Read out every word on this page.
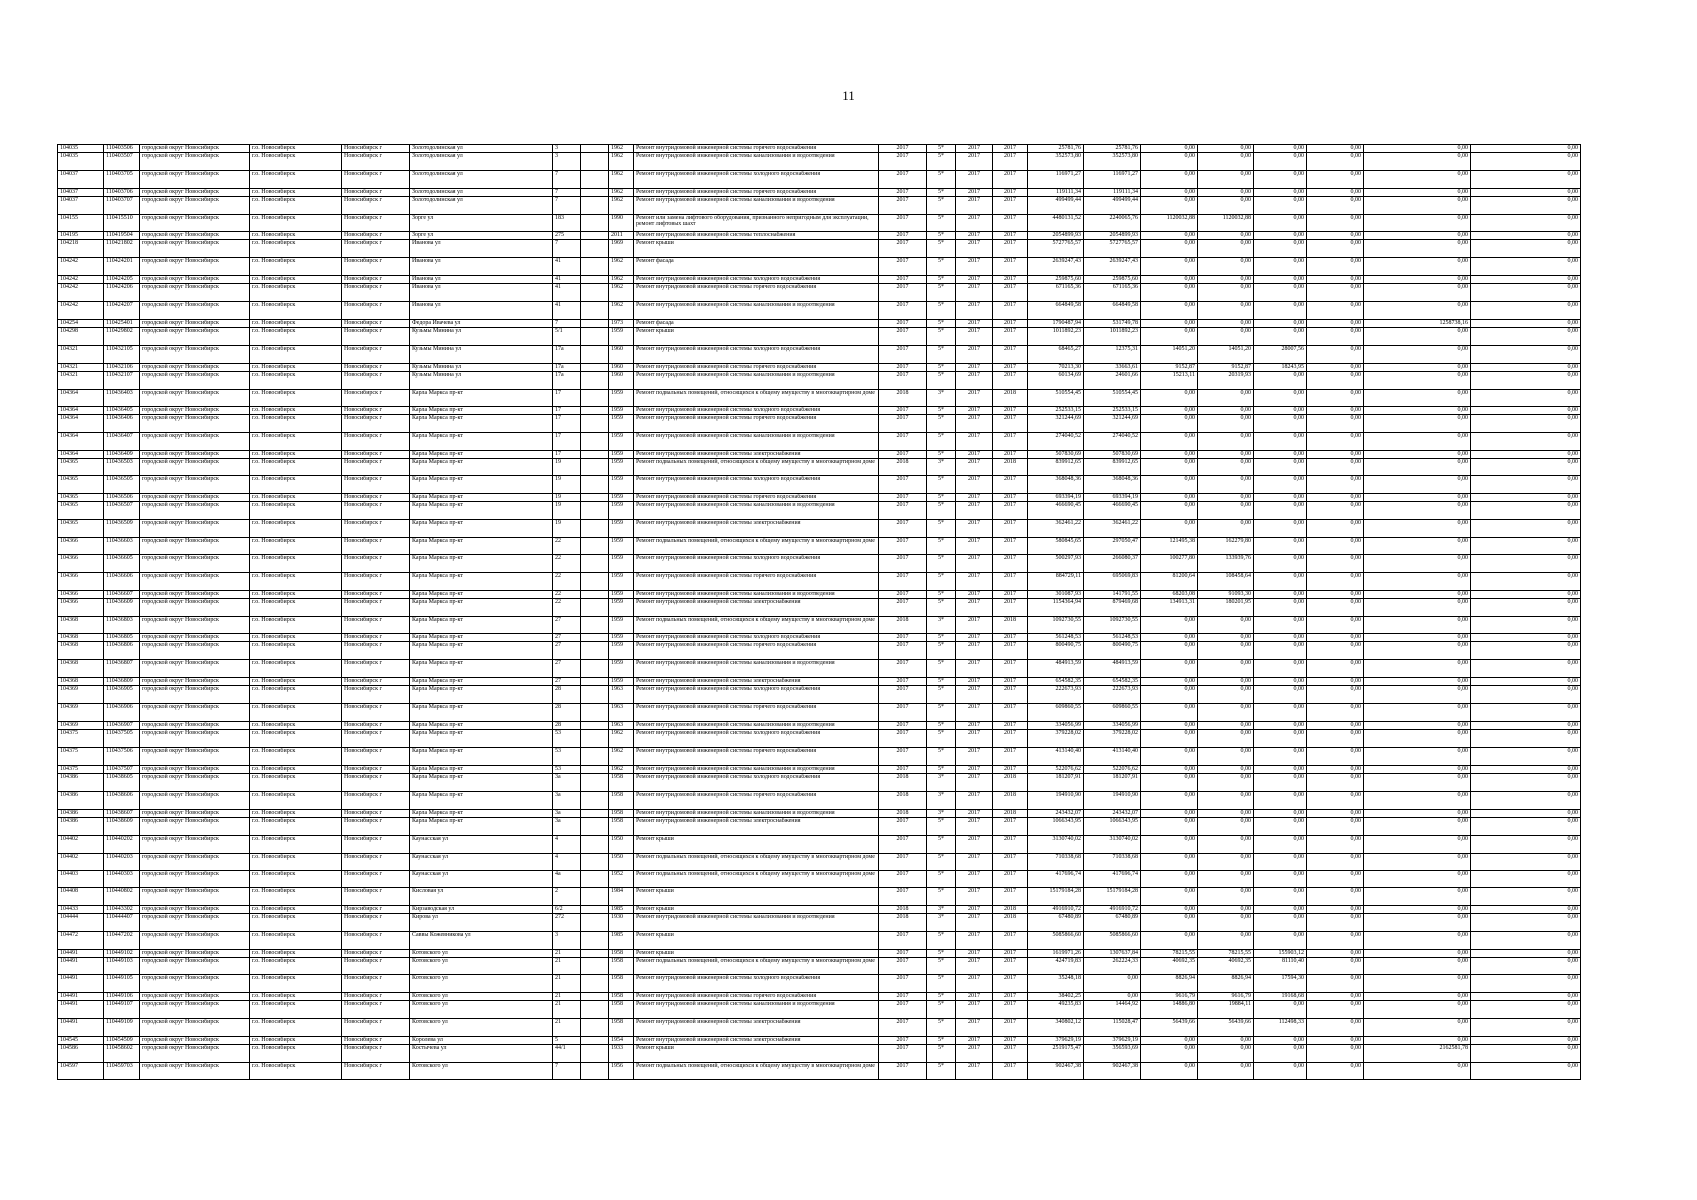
11
104035	110403506	городской округ Новосибирск	г.о. Новосибирск	Новосибирск г	Золотодолинская ул	3		1962	Ремонт внутридомовой инженерной системы горячего водоснабжения	2017	5*	2017	2017	25781,76	25781,76	0,00	0,00	0,00	0,00	0,00	0,00
104035	110403507	городской округ Новосибирск	г.о. Новосибирск	Новосибирск г	Золотодолинская ул	3		1962	Ремонт внутридомовой инженерной системы канализования и водоотведения	2017	5*	2017	2017	352573,80	352573,80	0,00	0,00	0,00	0,00	0,00	0,00
104037	110403705	городской округ Новосибирск	г.о. Новосибирск	Новосибирск г	Золотодолинская ул	7		1962	Ремонт внутридомовой инженерной системы холодного водоснабжения	2017	5*	2017	2017	116971,27	116971,27	0,00	0,00	0,00	0,00	0,00	0,00
104037	110403706	городской округ Новосибирск	г.о. Новосибирск	Новосибирск г	Золотодолинская ул	7		1962	Ремонт внутридомовой инженерной системы горячего водоснабжения	2017	5*	2017	2017	119111,34	119111,34	0,00	0,00	0,00	0,00	0,00	0,00
104037	110403707	городской округ Новосибирск	г.о. Новосибирск	Новосибирск г	Золотодолинская ул	7		1962	Ремонт внутридомовой инженерной системы канализования и водоотведения	2017	5*	2017	2017	499499,44	499499,44	0,00	0,00	0,00	0,00	0,00	0,00
104155	110415510	городской округ Новосибирск	г.о. Новосибирск	Новосибирск г	Зорге ул	183		1990	Ремонт или замена лифтового оборудования, признанного непригодным для эксплуатации, ремонт лифтовых шахт	2017	5*	2017	2017	4480131,52	2240065,76	1120032,88	1120032,88	0,00	0,00	0,00	0,00
104195	110419504	городской округ Новосибирск	г.о. Новосибирск	Новосибирск г	Зорге ул	275		2011	Ремонт внутридомовой инженерной системы теплоснабжения	2017	5*	2017	2017	2054899,93	2054899,93	0,00	0,00	0,00	0,00	0,00	0,00
104218	110421802	городской округ Новосибирск	г.о. Новосибирск	Новосибирск г	Иванова ул	7		1969	Ремонт крыши	2017	5*	2017	2017	5727765,57	5727765,57	0,00	0,00	0,00	0,00	0,00	0,00
104242	110424201	городской округ Новосибирск	г.о. Новосибирск	Новосибирск г	Иванова ул	41		1962	Ремонт фасада	2017	5*	2017	2017	2639247,43	2639247,43	0,00	0,00	0,00	0,00	0,00	0,00
104242	110424205	городской округ Новосибирск	г.о. Новосибирск	Новосибирск г	Иванова ул	41		1962	Ремонт внутридомовой инженерной системы холодного водоснабжения	2017	5*	2017	2017	259875,60	259875,60	0,00	0,00	0,00	0,00	0,00	0,00
104242	110424206	городской округ Новосибирск	г.о. Новосибирск	Новосибирск г	Иванова ул	41		1962	Ремонт внутридомовой инженерной системы горячего водоснабжения	2017	5*	2017	2017	671165,36	671165,36	0,00	0,00	0,00	0,00	0,00	0,00
104242	110424207	городской округ Новосибирск	г.о. Новосибирск	Новосибирск г	Иванова ул	41		1962	Ремонт внутридомовой инженерной системы канализования и водоотведения	2017	5*	2017	2017	664849,58	664849,58	0,00	0,00	0,00	0,00	0,00	0,00
104254	110425401	городской округ Новосибирск	г.о. Новосибирск	Новосибирск г	Федора Ивачева ул	7		1973	Ремонт фасада	2017	5*	2017	2017	1790487,94	531749,78	0,00	0,00	0,00	0,00	1258738,16	0,00
104298	110429802	городской округ Новосибирск	г.о. Новосибирск	Новосибирск г	Кузьмы Минина ул	5/1		1959	Ремонт крыши	2017	5*	2017	2017	1011892,23	1011892,23	0,00	0,00	0,00	0,00	0,00	0,00
104321	110432105	городской округ Новосибирск	г.о. Новосибирск	Новосибирск г	Кузьмы Минина ул	17а		1960	Ремонт внутридомовой инженерной системы холодного водоснабжения	2017	5*	2017	2017	68465,27	12375,31	14051,20	14051,20	28007,56	0,00	0,00	0,00
104321	110432106	городской округ Новосибирск	г.о. Новосибирск	Новосибирск г	Кузьмы Минина ул	17а		1960	Ремонт внутридомовой инженерной системы горячего водоснабжения	2017	5*	2017	2017	70213,30	33663,61	9152,87	9152,87	18243,95	0,00	0,00	0,00
104321	110432107	городской округ Новосибирск	г.о. Новосибирск	Новосибирск г	Кузьмы Минина ул	17а		1960	Ремонт внутридомовой инженерной системы канализования и водоотведения	2017	5*	2017	2017	60134,69	24601,66	15213,11	20319,93	0,00	0,00	0,00	0,00
104364	110436403	городской округ Новосибирск	г.о. Новосибирск	Новосибирск г	Карла Маркса пр-кт	17		1959	Ремонт подвальных помещений, относящихся к общему имуществу в многоквартирном доме	2018	3*	2017	2018	510554,45	510554,45	0,00	0,00	0,00	0,00	0,00	0,00
104364	110436405	городской округ Новосибирск	г.о. Новосибирск	Новосибирск г	Карла Маркса пр-кт	17		1959	Ремонт внутридомовой инженерной системы холодного водоснабжения	2017	5*	2017	2017	252533,15	252533,15	0,00	0,00	0,00	0,00	0,00	0,00
104364	110436406	городской округ Новосибирск	г.о. Новосибирск	Новосибирск г	Карла Маркса пр-кт	17		1959	Ремонт внутридомовой инженерной системы горячего водоснабжения	2017	5*	2017	2017	321244,69	321244,69	0,00	0,00	0,00	0,00	0,00	0,00
104364	110436407	городской округ Новосибирск	г.о. Новосибирск	Новосибирск г	Карла Маркса пр-кт	17		1959	Ремонт внутридомовой инженерной системы канализования и водоотведения	2017	5*	2017	2017	274040,52	274040,52	0,00	0,00	0,00	0,00	0,00	0,00
104364	110436409	городской округ Новосибирск	г.о. Новосибирск	Новосибирск г	Карла Маркса пр-кт	17		1959	Ремонт внутридомовой инженерной системы электроснабжения	2017	5*	2017	2017	507830,69	507830,69	0,00	0,00	0,00	0,00	0,00	0,00
104365	110436503	городской округ Новосибирск	г.о. Новосибирск	Новосибирск г	Карла Маркса пр-кт	19		1959	Ремонт подвальных помещений, относящихся к общему имуществу в многоквартирном доме	2018	3*	2017	2018	839912,65	839912,65	0,00	0,00	0,00	0,00	0,00	0,00
104365	110436505	городской округ Новосибирск	г.о. Новосибирск	Новосибирск г	Карла Маркса пр-кт	19		1959	Ремонт внутридомовой инженерной системы холодного водоснабжения	2017	5*	2017	2017	368048,36	368048,36	0,00	0,00	0,00	0,00	0,00	0,00
104365	110436506	городской округ Новосибирск	г.о. Новосибирск	Новосибирск г	Карла Маркса пр-кт	19		1959	Ремонт внутридомовой инженерной системы горячего водоснабжения	2017	5*	2017	2017	693394,19	693394,19	0,00	0,00	0,00	0,00	0,00	0,00
104365	110436507	городской округ Новосибирск	г.о. Новосибирск	Новосибирск г	Карла Маркса пр-кт	19		1959	Ремонт внутридомовой инженерной системы канализования и водоотведения	2017	5*	2017	2017	466690,45	466690,45	0,00	0,00	0,00	0,00	0,00	0,00
104365	110436509	городской округ Новосибирск	г.о. Новосибирск	Новосибирск г	Карла Маркса пр-кт	19		1959	Ремонт внутридомовой инженерной системы электроснабжения	2017	5*	2017	2017	362461,22	362461,22	0,00	0,00	0,00	0,00	0,00	0,00
104366	110436603	городской округ Новосибирск	г.о. Новосибирск	Новосибирск г	Карла Маркса пр-кт	22		1959	Ремонт подвальных помещений, относящихся к общему имуществу в многоквартирном доме	2017	5*	2017	2017	580845,65	297050,47	121495,38	162279,80	0,00	0,00	0,00	0,00
104366	110436605	городской округ Новосибирск	г.о. Новосибирск	Новосибирск г	Карла Маркса пр-кт	22		1959	Ремонт внутридомовой инженерной системы холодного водоснабжения	2017	5*	2017	2017	500297,93	266080,37	100277,80	133939,76	0,00	0,00	0,00	0,00
104366	110436606	городской округ Новосибирск	г.о. Новосибирск	Новосибирск г	Карла Маркса пр-кт	22		1959	Ремонт внутридомовой инженерной системы горячего водоснабжения	2017	5*	2017	2017	884729,11	695069,83	81200,64	108458,64	0,00	0,00	0,00	0,00
104366	110436607	городской округ Новосибирск	г.о. Новосибирск	Новосибирск г	Карла Маркса пр-кт	22		1959	Ремонт внутридомовой инженерной системы канализования и водоотведения	2017	5*	2017	2017	301087,93	141791,55	68203,08	91093,30	0,00	0,00	0,00	0,00
104366	110436609	городской округ Новосибирск	г.о. Новосибирск	Новосибирск г	Карла Маркса пр-кт	22		1959	Ремонт внутридомовой инженерной системы электроснабжения	2017	5*	2017	2017	1154364,94	879469,68	134913,31	180201,95	0,00	0,00	0,00	0,00
104368	110436803	городской округ Новосибирск	г.о. Новосибирск	Новосибирск г	Карла Маркса пр-кт	27		1959	Ремонт подвальных помещений, относящихся к общему имуществу в многоквартирном доме	2018	3*	2017	2018	1092730,55	1092730,55	0,00	0,00	0,00	0,00	0,00	0,00
104368	110436805	городской округ Новосибирск	г.о. Новосибирск	Новосибирск г	Карла Маркса пр-кт	27		1959	Ремонт внутридомовой инженерной системы холодного водоснабжения	2017	5*	2017	2017	561248,53	561248,53	0,00	0,00	0,00	0,00	0,00	0,00
104368	110436806	городской округ Новосибирск	г.о. Новосибирск	Новосибирск г	Карла Маркса пр-кт	27		1959	Ремонт внутридомовой инженерной системы горячего водоснабжения	2017	5*	2017	2017	800490,75	800490,75	0,00	0,00	0,00	0,00	0,00	0,00
104368	110436807	городской округ Новосибирск	г.о. Новосибирск	Новосибирск г	Карла Маркса пр-кт	27		1959	Ремонт внутридомовой инженерной системы канализования и водоотведения	2017	5*	2017	2017	484913,59	484913,59	0,00	0,00	0,00	0,00	0,00	0,00
104368	110436809	городской округ Новосибирск	г.о. Новосибирск	Новосибирск г	Карла Маркса пр-кт	27		1959	Ремонт внутридомовой инженерной системы электроснабжения	2017	5*	2017	2017	654582,35	654582,35	0,00	0,00	0,00	0,00	0,00	0,00
104369	110436905	городской округ Новосибирск	г.о. Новосибирск	Новосибирск г	Карла Маркса пр-кт	28		1963	Ремонт внутридомовой инженерной системы холодного водоснабжения	2017	5*	2017	2017	222673,93	222673,93	0,00	0,00	0,00	0,00	0,00	0,00
104369	110436906	городской округ Новосибирск	г.о. Новосибирск	Новосибирск г	Карла Маркса пр-кт	28		1963	Ремонт внутридомовой инженерной системы горячего водоснабжения	2017	5*	2017	2017	609860,55	609860,55	0,00	0,00	0,00	0,00	0,00	0,00
104369	110436907	городской округ Новосибирск	г.о. Новосибирск	Новосибирск г	Карла Маркса пр-кт	28		1963	Ремонт внутридомовой инженерной системы канализования и водоотведения	2017	5*	2017	2017	334056,99	334056,99	0,00	0,00	0,00	0,00	0,00	0,00
104375	110437505	городской округ Новосибирск	г.о. Новосибирск	Новосибирск г	Карла Маркса пр-кт	53		1962	Ремонт внутридомовой инженерной системы холодного водоснабжения	2017	5*	2017	2017	379228,02	379228,02	0,00	0,00	0,00	0,00	0,00	0,00
104375	110437506	городской округ Новосибирск	г.о. Новосибирск	Новосибирск г	Карла Маркса пр-кт	53		1962	Ремонт внутридомовой инженерной системы горячего водоснабжения	2017	5*	2017	2017	413140,40	413140,40	0,00	0,00	0,00	0,00	0,00	0,00
104375	110437507	городской округ Новосибирск	г.о. Новосибирск	Новосибирск г	Карла Маркса пр-кт	53		1962	Ремонт внутридомовой инженерной системы канализования и водоотведения	2017	5*	2017	2017	522076,62	522076,62	0,00	0,00	0,00	0,00	0,00	0,00
104386	110438605	городской округ Новосибирск	г.о. Новосибирск	Новосибирск г	Карла Маркса пр-кт	3а		1958	Ремонт внутридомовой инженерной системы холодного водоснабжения	2018	3*	2017	2018	181207,91	181207,91	0,00	0,00	0,00	0,00	0,00	0,00
104386	110438606	городской округ Новосибирск	г.о. Новосибирск	Новосибирск г	Карла Маркса пр-кт	3а		1958	Ремонт внутридомовой инженерной системы горячего водоснабжения	2018	3*	2017	2018	194910,90	194910,90	0,00	0,00	0,00	0,00	0,00	0,00
104386	110438607	городской округ Новосибирск	г.о. Новосибирск	Новосибирск г	Карла Маркса пр-кт	3а		1958	Ремонт внутридомовой инженерной системы канализования и водоотведения	2018	3*	2017	2018	243432,07	243432,07	0,00	0,00	0,00	0,00	0,00	0,00
104386	110438609	городской округ Новосибирск	г.о. Новосибирск	Новосибирск г	Карла Маркса пр-кт	3а		1958	Ремонт внутридомовой инженерной системы электроснабжения	2017	5*	2017	2017	1066343,95	1066343,95	0,00	0,00	0,00	0,00	0,00	0,00
104402	110440202	городской округ Новосибирск	г.о. Новосибирск	Новосибирск г	Каунасская ул	4		1950	Ремонт крыши	2017	5*	2017	2017	3130740,02	3130740,02	0,00	0,00	0,00	0,00	0,00	0,00
104402	110440203	городской округ Новосибирск	г.о. Новосибирск	Новосибирск г	Каунасская ул	4		1950	Ремонт подвальных помещений, относящихся к общему имуществу в многоквартирном доме	2017	5*	2017	2017	710338,68	710338,68	0,00	0,00	0,00	0,00	0,00	0,00
104403	110440303	городской округ Новосибирск	г.о. Новосибирск	Новосибирск г	Каунасская ул	4а		1952	Ремонт подвальных помещений, относящихся к общему имуществу в многоквартирном доме	2017	5*	2017	2017	417696,74	417696,74	0,00	0,00	0,00	0,00	0,00	0,00
104408	110440802	городской округ Новосибирск	г.о. Новосибирск	Новосибирск г	Кисловая ул	2		1984	Ремонт крыши	2017	5*	2017	2017	15179184,28	15179184,28	0,00	0,00	0,00	0,00	0,00	0,00
104433	110443302	городской округ Новосибирск	г.о. Новосибирск	Новосибирск г	Кирзаводская ул	6/2		1985	Ремонт крыши	2018	3*	2017	2018	4916910,72	4916910,72	0,00	0,00	0,00	0,00	0,00	0,00
104444	110444407	городской округ Новосибирск	г.о. Новосибирск	Новосибирск г	Кирова ул	272		1930	Ремонт внутридомовой инженерной системы канализования и водоотведения	2018	3*	2017	2018	67480,89	67480,89	0,00	0,00	0,00	0,00	0,00	0,00
104472	110447202	городской округ Новосибирск	г.о. Новосибирск	Новосибирск г	Саввы Кожевникова ул	3		1985	Ремонт крыши	2017	5*	2017	2017	5085866,60	5085866,60	0,00	0,00	0,00	0,00	0,00	0,00
104491	110449102	городской округ Новосибирск	г.о. Новосибирск	Новосибирск г	Котовского ул	21		1958	Ремонт крыши	2017	5*	2017	2017	1619971,26	1307637,84	78215,55	78215,55	155903,12	0,00	0,00	0,00
104491	110449103	городской округ Новосибирск	г.о. Новосибирск	Новосибирск г	Котовского ул	21		1958	Ремонт подвальных помещений, относящихся к общему имуществу в многоквартирном доме	2017	5*	2017	2017	424719,83	262224,33	40692,35	40692,35	81110,40	0,00	0,00	0,00
104491	110449105	городской округ Новосибирск	г.о. Новосибирск	Новосибирск г	Котовского ул	21		1958	Ремонт внутридомовой инженерной системы холодного водоснабжения	2017	5*	2017	2017	35248,18	0,00	8826,94	8826,94	17594,30	0,00	0,00	0,00
104491	110449106	городской округ Новосибирск	г.о. Новосибирск	Новосибирск г	Котовского ул	21		1958	Ремонт внутридомовой инженерной системы горячего водоснабжения	2017	5*	2017	2017	38402,25	0,00	9616,79	9616,79	19168,68	0,00	0,00	0,00
104491	110449107	городской округ Новосибирск	г.о. Новосибирск	Новосибирск г	Котовского ул	21		1958	Ремонт внутридомовой инженерной системы канализования и водоотведения	2017	5*	2017	2017	49235,83	14464,92	14886,80	19884,11	0,00	0,00	0,00	0,00
104491	110449109	городской округ Новосибирск	г.о. Новосибирск	Новосибирск г	Котовского ул	21		1958	Ремонт внутридомовой инженерной системы электроснабжения	2017	5*	2017	2017	340802,12	115028,47	56439,66	56439,66	112498,33	0,00	0,00	0,00
104545	110454509	городской округ Новосибирск	г.о. Новосибирск	Новосибирск г	Королева ул	5		1954	Ремонт внутридомовой инженерной системы электроснабжения	2017	5*	2017	2017	379629,19	379629,19	0,00	0,00	0,00	0,00	0,00	0,00
104586	110458602	городской округ Новосибирск	г.о. Новосибирск	Новосибирск г	Костычева ул	44/1		1933	Ремонт крыши	2017	5*	2017	2017	2519175,47	356593,69	0,00	0,00	0,00	0,00	2162581,78	0,00
104597	110459703	городской округ Новосибирск	г.о. Новосибирск	Новосибирск г	Котовского ул	7		1956	Ремонт подвальных помещений, относящихся к общему имуществу в многоквартирном доме	2017	5*	2017	2017	902467,38	902467,38	0,00	0,00	0,00	0,00	0,00	0,00
